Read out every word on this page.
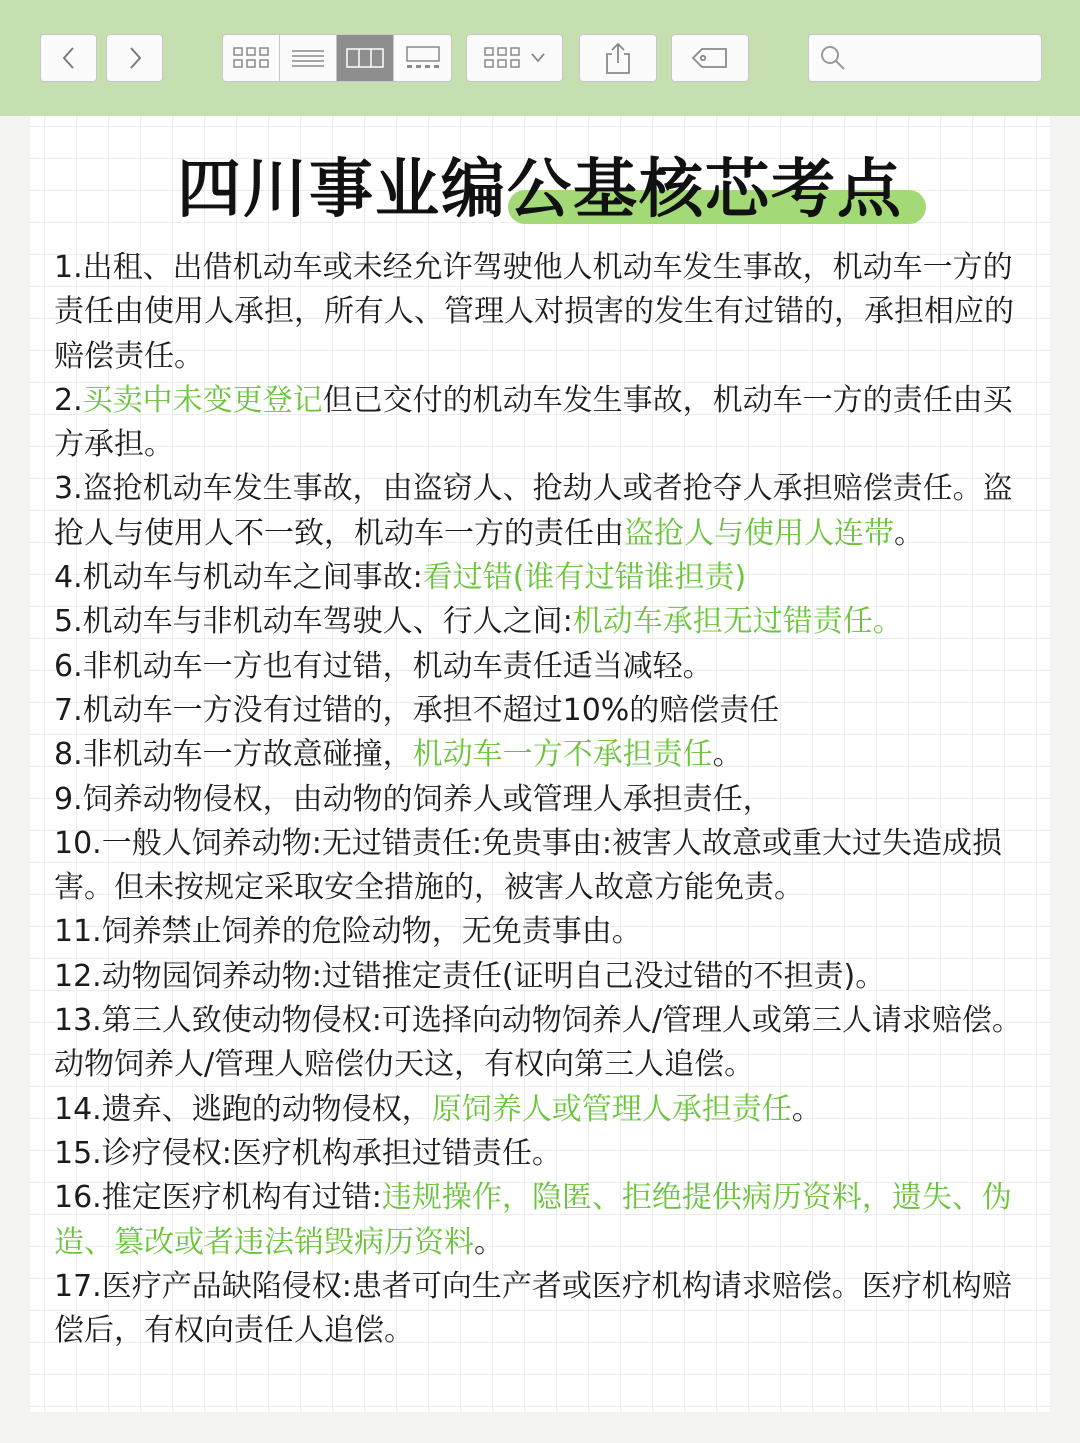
四川事业编公基核芯考点
1.出租、出借机动车或未经允许驾驶他人机动车发生事故，机动车一方的责任由使用人承担，所有人、管理人对损害的发生有过错的，承担相应的赔偿责任。
2.买卖中未变更登记但已交付的机动车发生事故，机动车一方的责任由买方承担。
3.盗抢机动车发生事故，由盗窃人、抢劫人或者抢夺人承担赔偿责任。盗抢人与使用人不一致，机动车一方的责任由盗抢人与使用人连带。
4.机动车与机动车之间事故:看过错(谁有过错谁担责)
5.机动车与非机动车驾驶人、行人之间:机动车承担无过错责任。
6.非机动车一方也有过错，机动车责任适当减轻。
7.机动车一方没有过错的，承担不超过10%的赔偿责任
8.非机动车一方故意碰撞，机动车一方不承担责任。
9.饲养动物侵权，由动物的饲养人或管理人承担责任，
10.一般人饲养动物:无过错责任:免贵事由:被害人故意或重大过失造成损害。但未按规定采取安全措施的，被害人故意方能免责。
11.饲养禁止饲养的危险动物，无免责事由。
12.动物园饲养动物:过错推定责任(证明自己没过错的不担责)。
13.第三人致使动物侵权:可选择向动物饲养人/管理人或第三人请求赔偿。动物饲养人/管理人赔偿仂天这，有权向第三人追偿。
14.遗弃、逃跑的动物侵权，原饲养人或管理人承担责任。
15.诊疗侵权:医疗机构承担过错责任。
16.推定医疗机构有过错:违规操作，隐匿、拒绝提供病历资料，遗失、伪造、篡改或者违法销毁病历资料。
17.医疗产品缺陷侵权:患者可向生产者或医疗机构请求赔偿。医疗机构赔偿后，有权向责任人追偿。
